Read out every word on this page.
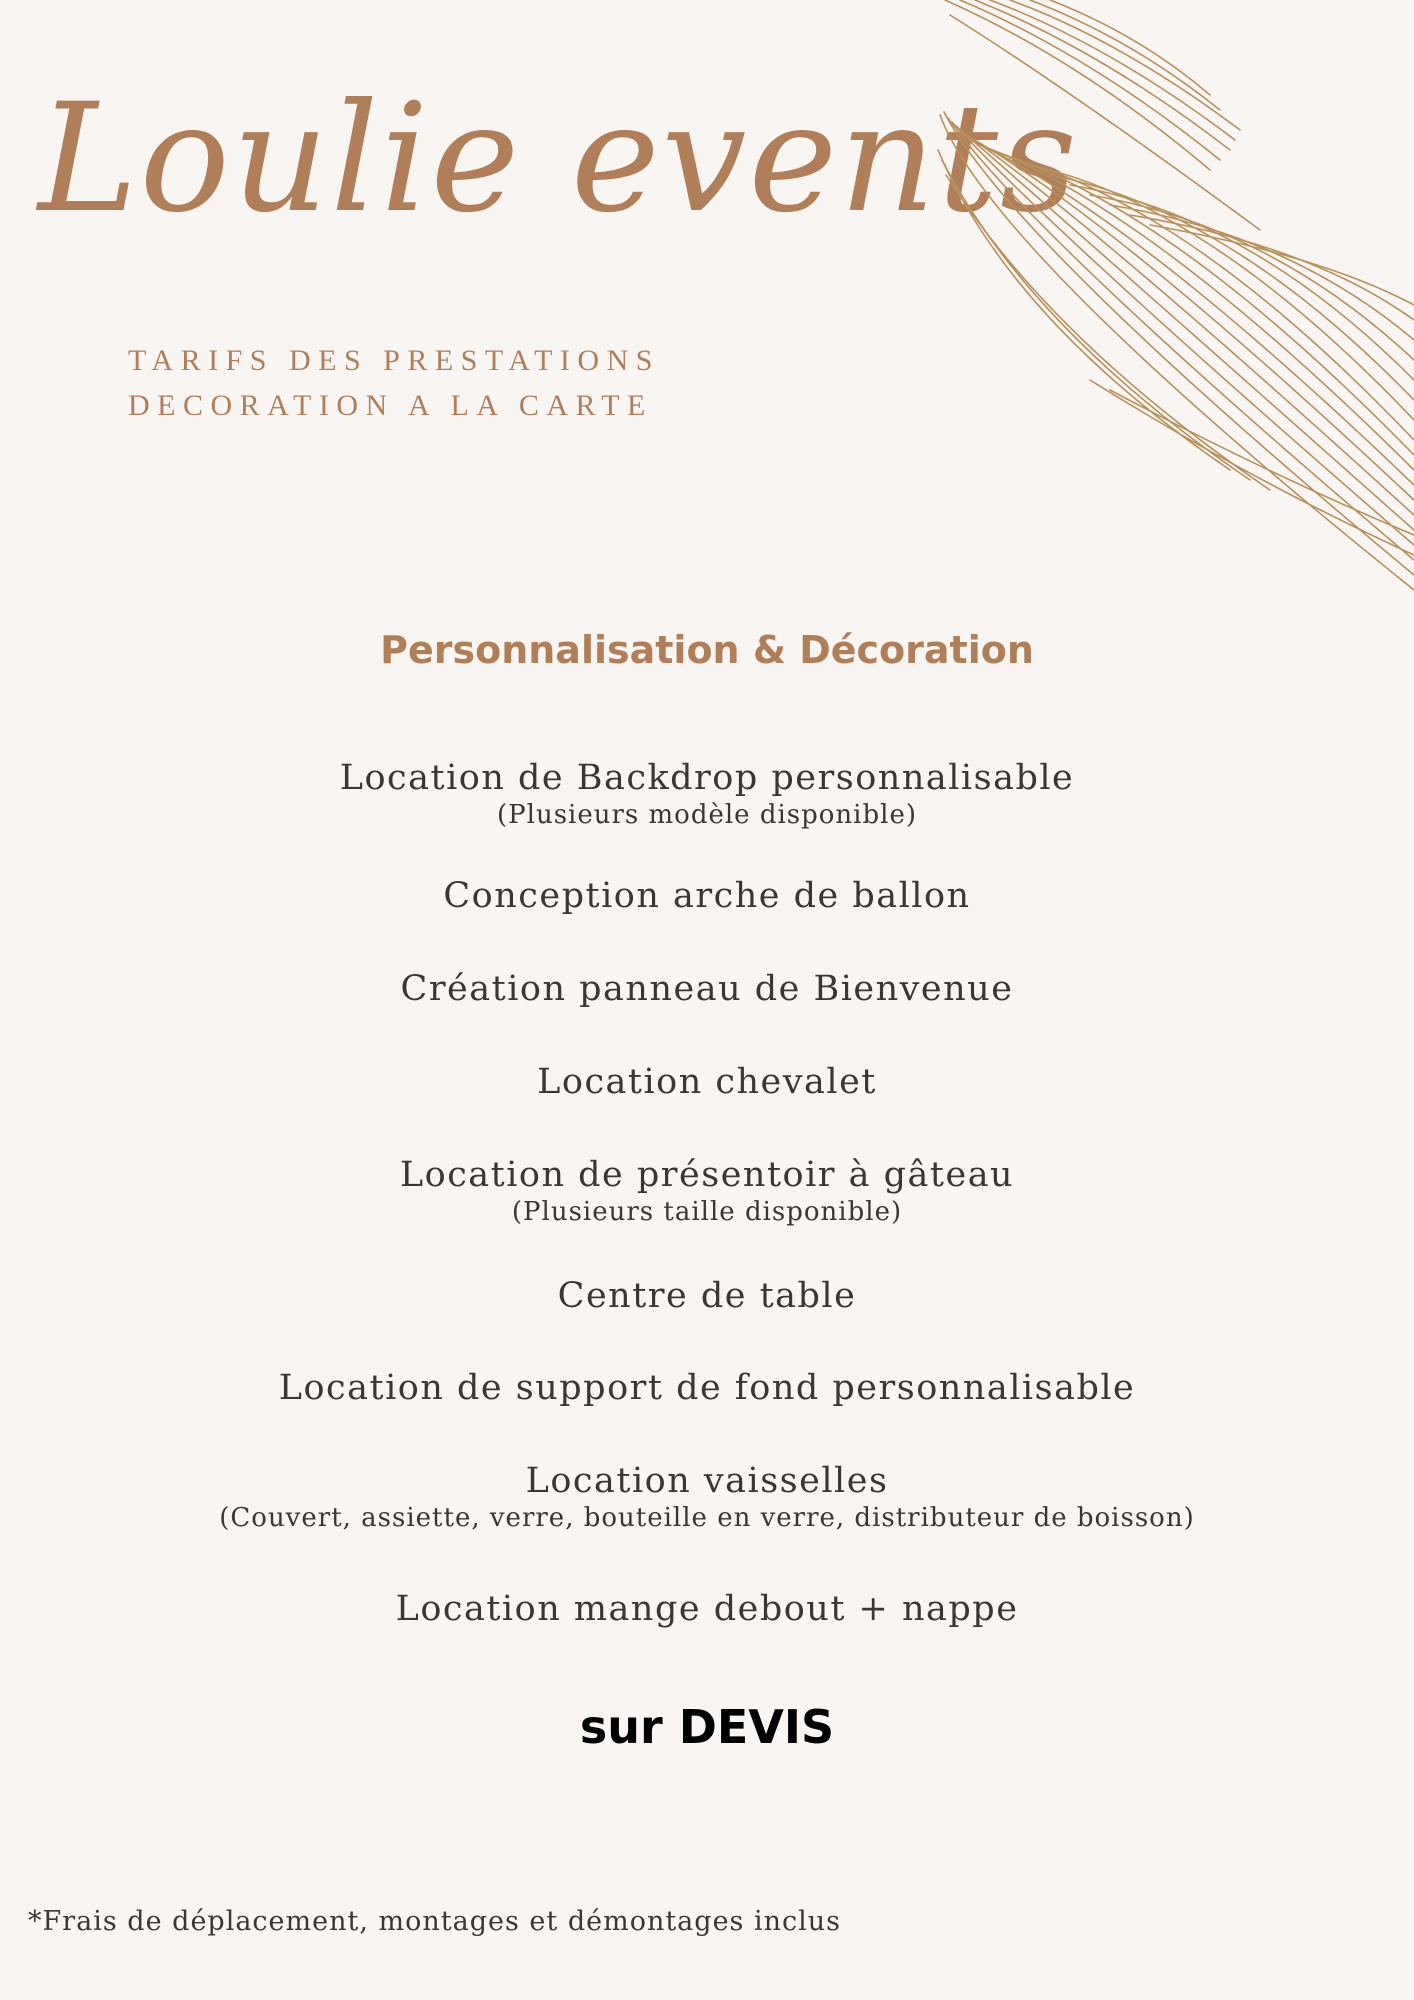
Loulie events
TARIFS DES PRESTATIONS
DECORATION A LA CARTE
Personnalisation & Décoration
Location de Backdrop personnalisable
(Plusieurs modèle disponible)
Conception arche de ballon
Création panneau de Bienvenue
Location chevalet
Location de présentoir à gâteau
(Plusieurs taille disponible)
Centre de table
Location de support de fond personnalisable
Location vaisselles
(Couvert, assiette, verre, bouteille en verre, distributeur de boisson)
Location mange debout + nappe
sur DEVIS
*Frais de déplacement, montages et démontages inclus
